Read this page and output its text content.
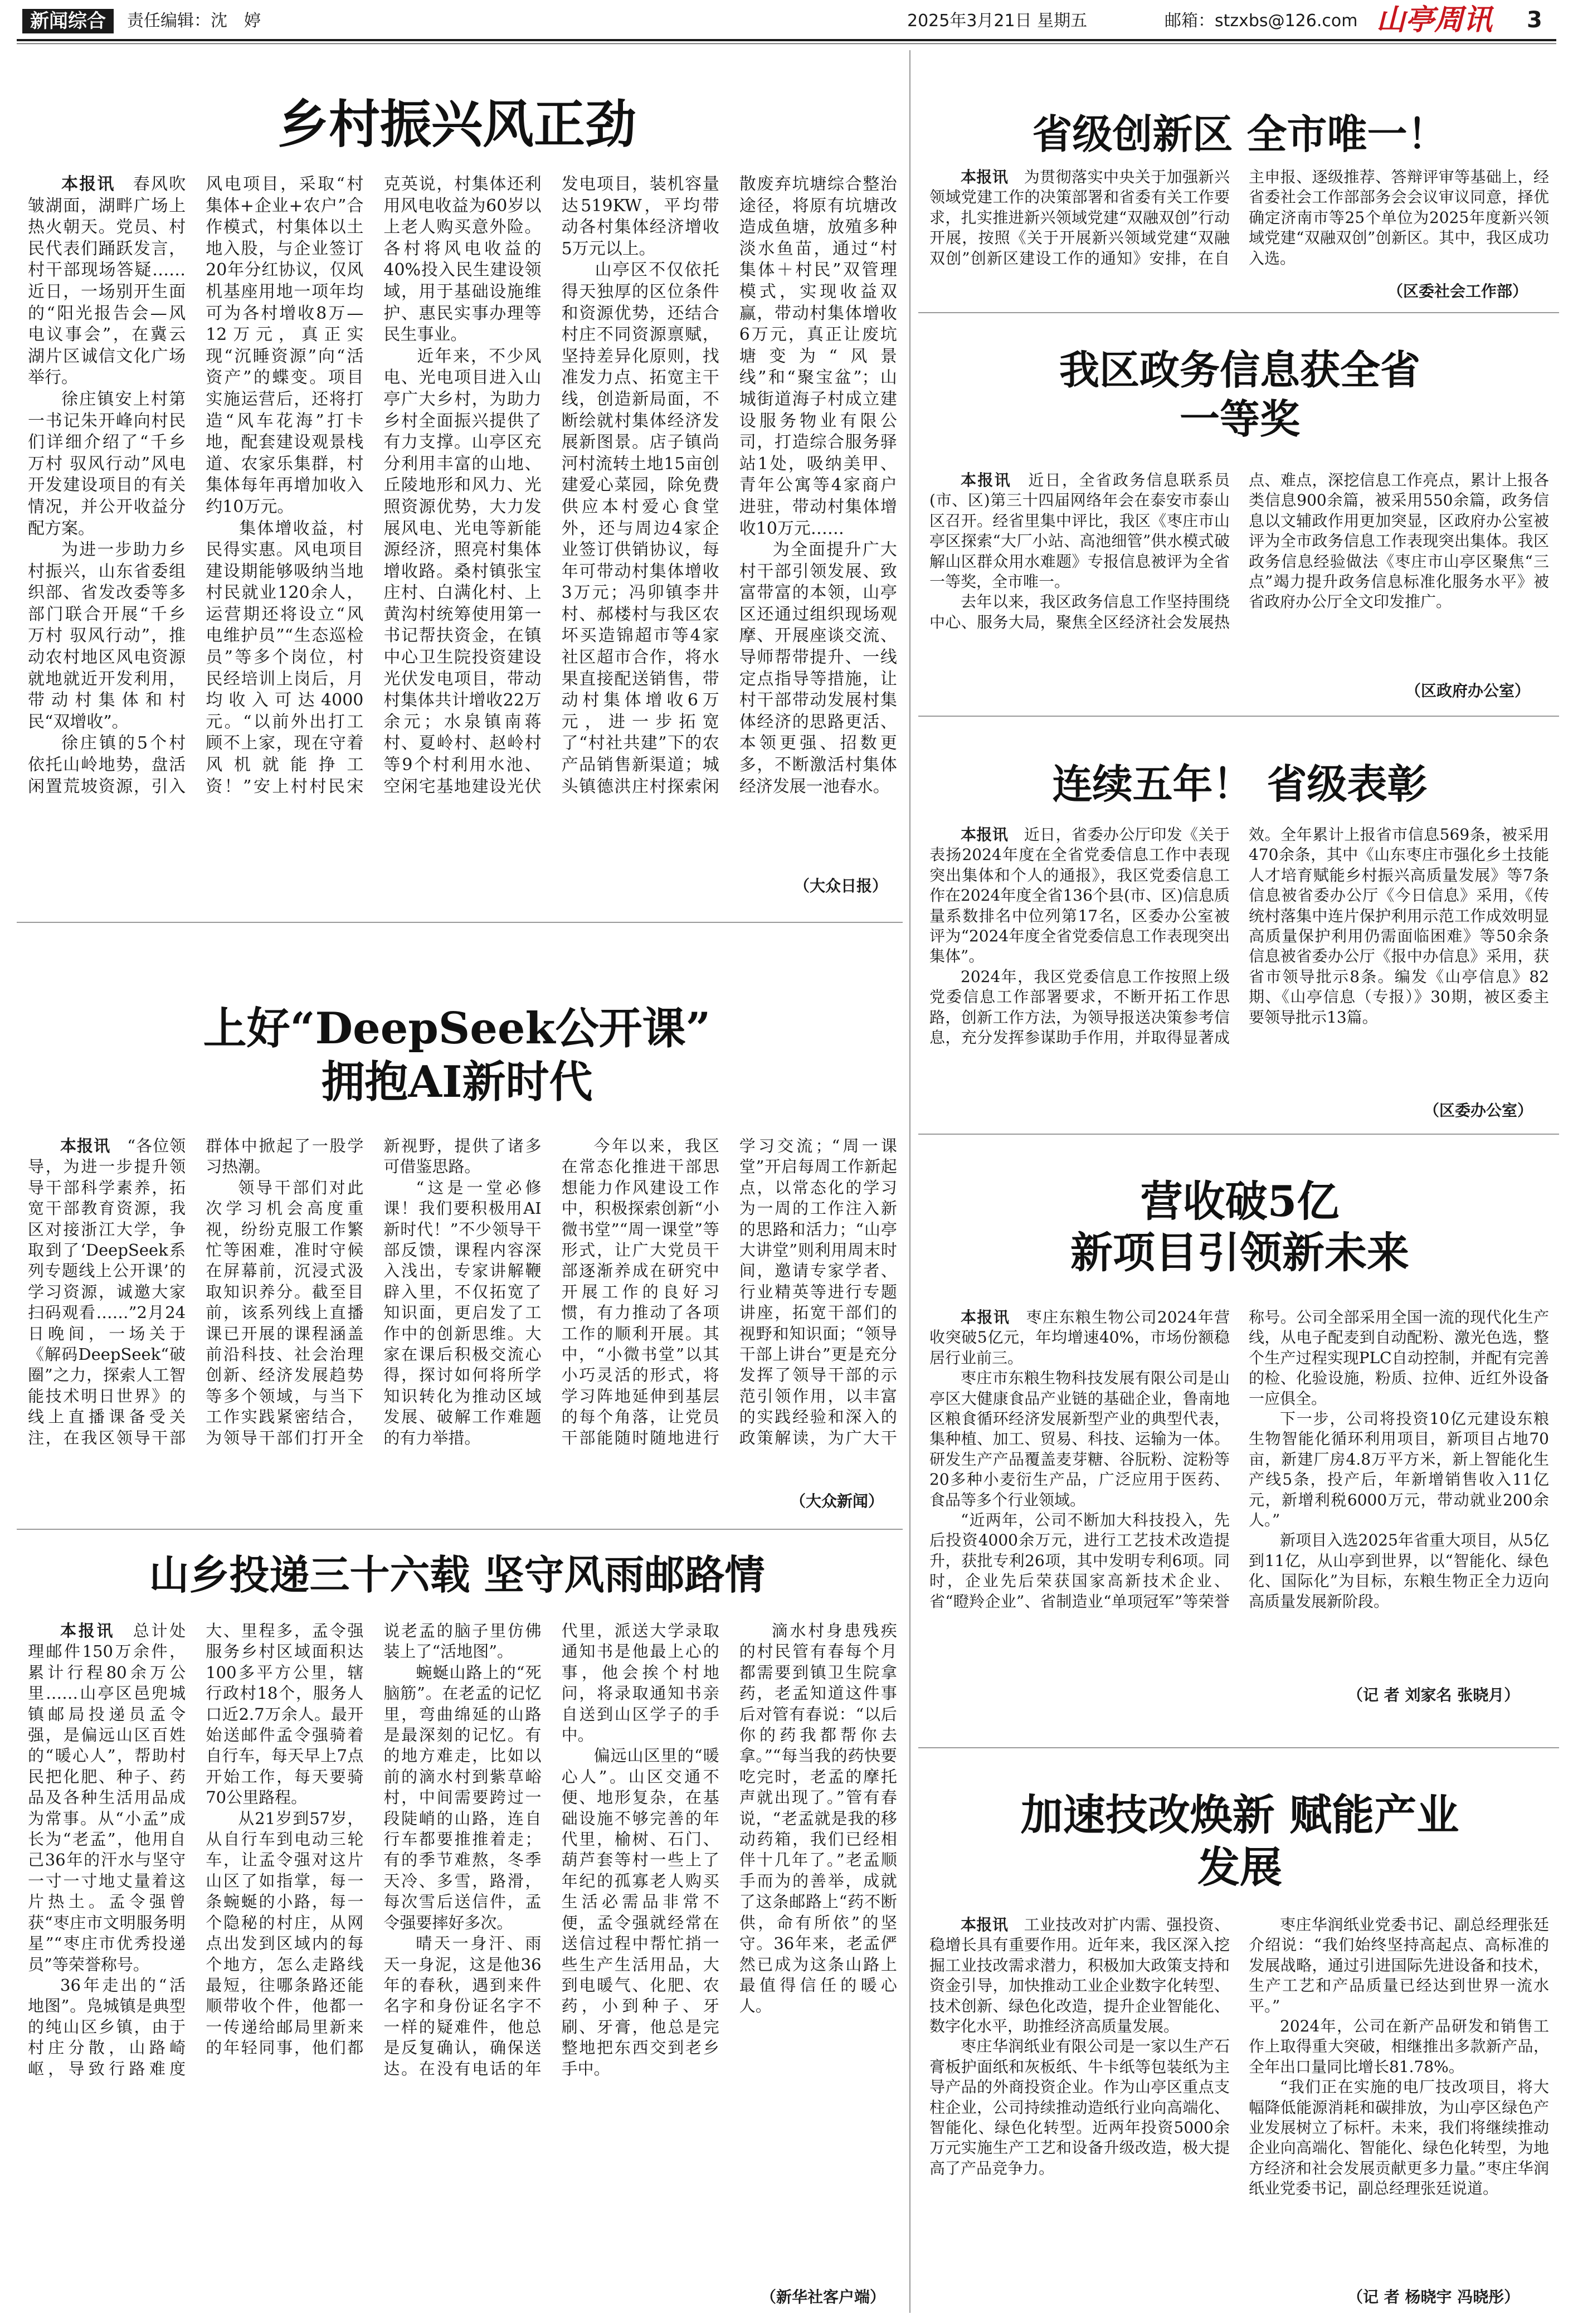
新闻综合	责任编辑：沈　婷	2025年3月21日 星期五	邮箱：stzxbs@126.com 山亭周讯 3
乡村振兴风正劲

本报讯　 春风吹皱湖面，湖畔广场上热火朝天。党员、村民代表们踊跃发言，村干部现场答疑……近日，一场别开生面的“阳光报告会—风电议事会”，在冀云湖片区诚信文化广场举行。

徐庄镇安上村第一书记朱开峰向村民们详细介绍了“千乡万村 驭风行动”风电开发建设项目的有关情况，并公开收益分配方案。

为进一步助力乡村振兴，山东省委组织部、省发改委等多部门联合开展“千乡万村 驭风行动”，推动农村地区风电资源就地就近开发利用，带动村集体和村民“双增收”。

徐庄镇的5个村依托山岭地势，盘活闲置荒坡资源，引入风电项目，采取“村集体+企业+农户”合作模式，村集体以土地入股，与企业签订20年分红协议，仅风机基座用地一项年均可为各村增收8万—12万元，真正实现“沉睡资源”向“活资产”的蝶变。项目实施运营后，还将打造“风车花海”打卡地，配套建设观景栈道、农家乐集群，村集体每年再增加收入约10万元。

集体增收益，村民得实惠。风电项目建设期能够吸纳当地村民就业120余人，运营期还将设立“风电维护员”“生态巡检员”等多个岗位，村民经培训上岗后，月均收入可达4000元。“以前外出打工顾不上家，现在守着风机就能挣工资！”安上村村民宋克英说，村集体还利用风电收益为60岁以上老人购买意外险。各村将风电收益的40%投入民生建设领域，用于基础设施维护、惠民实事办理等民生事业。

近年来，不少风电、光电项目进入山亭广大乡村，为助力乡村全面振兴提供了有力支撑。山亭区充分利用丰富的山地、丘陵地形和风力、光照资源优势，大力发展风电、光电等新能源经济，照亮村集体增收路。桑村镇张宝庄村、白满化村、上黄沟村统筹使用第一书记帮扶资金，在镇中心卫生院投资建设光伏发电项目，带动村集体共计增收22万余元；水泉镇南蒋村、夏岭村、赵岭村等9个村利用水池、空闲宅基地建设光伏发电项目，装机容量达519KW，平均带动各村集体经济增收5万元以上。

山亭区不仅依托得天独厚的区位条件和资源优势，还结合村庄不同资源禀赋，坚持差异化原则，找准发力点、拓宽主干线，创造新局面，不断绘就村集体经济发展新图景。店子镇尚河村流转土地15亩创建爱心菜园，除免费供应本村爱心食堂外，还与周边4家企业签订供销协议，每年可带动村集体增收3万元；冯卯镇李井村、郝楼村与我区农坏买造锦超市等4家社区超市合作，将水果直接配送销售，带动村集体增收6万元，进一步拓宽了“村社共建”下的农产品销售新渠道；城头镇德洪庄村探索闲散废弃坑塘综合整治途径，将原有坑塘改造成鱼塘，放殖多种淡水鱼苗，通过“村集体＋村民”双管理模式，实现收益双赢，带动村集体增收6万元，真正让废坑塘变为“风景线”和“聚宝盆”；山城街道海子村成立建设服务物业有限公司，打造综合服务驿站1处，吸纳美甲、青年公寓等4家商户进驻，带动村集体增收10万元……

为全面提升广大村干部引领发展、致富带富的本领，山亭区还通过组织现场观摩、开展座谈交流、导师帮带提升、一线定点指导等措施，让村干部带动发展村集体经济的思路更活、本领更强、招数更多，不断激活村集体经济发展一池春水。

（大众日报）
上好“DeepSeek公开课”
拥抱AI新时代

本报讯　 “各位领导，为进一步提升领导干部科学素养，拓宽干部教育资源，我区对接浙江大学，争取到了‘DeepSeek系列专题线上公开课’的学习资源，诚邀大家扫码观看……”2月24日晚间，一场关于《解码DeepSeek“破圈”之力，探索人工智能技术明日世界》的线上直播课备受关注，在我区领导干部群体中掀起了一股学习热潮。

领导干部们对此次学习机会高度重视，纷纷克服工作繁忙等困难，准时守候在屏幕前，沉浸式汲取知识养分。截至目前，该系列线上直播课已开展的课程涵盖前沿科技、社会治理创新、经济发展趋势等多个领域，与当下工作实践紧密结合，为领导干部们打开全新视野，提供了诸多可借鉴思路。

“这是一堂必修课！我们要积极用AI新时代！”不少领导干部反馈，课程内容深入浅出，专家讲解鞭辟入里，不仅拓宽了知识面，更启发了工作中的创新思维。大家在课后积极交流心得，探讨如何将所学知识转化为推动区域发展、破解工作难题的有力举措。

今年以来，我区在常态化推进干部思想能力作风建设工作中，积极探索创新“小微书堂”“周一课堂”等形式，让广大党员干部逐渐养成在研究中开展工作的良好习惯，有力推动了各项工作的顺利开展。其中，“小微书堂”以其小巧灵活的形式，将学习阵地延伸到基层的每个角落，让党员干部能随时随地进行学习交流；“周一课堂”开启每周工作新起点，以常态化的学习为一周的工作注入新的思路和活力；“山亭大讲堂”则利用周末时间，邀请专家学者、行业精英等进行专题讲座，拓宽干部们的视野和知识面；“领导干部上讲台”更是充分发挥了领导干部的示范引领作用，以丰富的实践经验和深入的政策解读，为广大干

（大众新闻）
山乡投递三十六载 坚守风雨邮路情

本报讯　 总计处理邮件150万余件，累计行程80余万公里……山亭区邑兜城镇邮局投递员孟令强，是偏远山区百姓的“暖心人”，帮助村民把化肥、种子、药品及各种生活用品成为常事。从“小孟”成长为“老孟”，他用自己36年的汗水与坚守一寸一寸地丈量着这片热土。孟令强曾获“枣庄市文明服务明星”“枣庄市优秀投递员”等荣誉称号。

36年走出的“活地图”。凫城镇是典型的纯山区乡镇，由于村庄分散，山路崎岖，导致行路难度大、里程多，孟令强服务乡村区域面积达100多平方公里，辖行政村18个，服务人口近2.7万余人。最开始送邮件孟令强骑着自行车，每天早上7点开始工作，每天要骑70公里路程。

从21岁到57岁，从自行车到电动三轮车，让孟令强对这片山区了如指掌，每一条蜿蜒的小路，每一个隐秘的村庄，从网点出发到区域内的每个地方，怎么走路线最短，往哪条路还能顺带收个件，他都一一传递给邮局里新来的年轻同事，他们都说老孟的脑子里仿佛装上了“活地图”。

蜿蜒山路上的“死脑筋”。在老孟的记忆里，弯曲绵延的山路是最深刻的记忆。有的地方难走，比如以前的滴水村到紫草峪村，中间需要跨过一段陡峭的山路，连自行车都要推推着走；有的季节难熬，冬季天冷、多雪，路滑，每次雪后送信件，孟令强要摔好多次。

晴天一身汗、雨天一身泥，这是他36年的春秋，遇到来件名字和身份证名字不一样的疑难件，他总是反复确认，确保送达。在没有电话的年代里，派送大学录取通知书是他最上心的事，他会挨个村地问，将录取通知书亲自送到山区学子的手中。

偏远山区里的“暖心人”。山区交通不便、地形复杂，在基础设施不够完善的年代里，榆树、石门、葫芦套等村一些上了年纪的孤寡老人购买生活必需品非常不便，孟令强就经常在送信过程中帮忙捎一些生产生活用品，大到电暖气、化肥、农药，小到种子、牙刷、牙膏，他总是完整地把东西交到老乡手中。

滴水村身患残疾的村民管有春每个月都需要到镇卫生院拿药，老孟知道这件事后对管有春说：“以后你的药我都帮你去拿。”“每当我的药快要吃完时，老孟的摩托声就出现了。”管有春说，“老孟就是我的移动药箱，我们已经相伴十几年了。”老孟顺手而为的善举，成就了这条邮路上“药不断供，命有所依”的坚守。36年来，老孟俨然已成为这条山路上最值得信任的暖心人。

（新华社客户端）
省级创新区 全市唯一！

本报讯　 为贯彻落实中央关于加强新兴领域党建工作的决策部署和省委有关工作要求，扎实推进新兴领域党建“双融双创”行动开展，按照《关于开展新兴领域党建“双融双创”创新区建设工作的通知》安排，在自主申报、逐级推荐、答辩评审等基础上，经省委社会工作部部务会会议审议同意，择优确定济南市等25个单位为2025年度新兴领域党建“双融双创”创新区。其中，我区成功入选。

（区委社会工作部）
我区政务信息获全省
一等奖

本报讯　 近日，全省政务信息联系员(市、区)第三十四届网络年会在泰安市泰山区召开。经省里集中评比，我区《枣庄市山亭区探索“大厂小站、高池细管”供水模式破解山区群众用水难题》专报信息被评为全省一等奖，全市唯一。

去年以来，我区政务信息工作坚持围绕中心、服务大局，聚焦全区经济社会发展热点、难点，深挖信息工作亮点，累计上报各类信息900余篇，被采用550余篇，政务信息以文辅政作用更加突显，区政府办公室被评为全市政务信息工作表现突出集体。我区政务信息经验做法《枣庄市山亭区聚焦“三点”竭力提升政务信息标准化服务水平》被省政府办公厅全文印发推广。

（区政府办公室）
连续五年！ 省级表彰

本报讯　 近日，省委办公厅印发《关于表扬2024年度在全省党委信息工作中表现突出集体和个人的通报》，我区党委信息工作在2024年度全省136个县(市、区)信息质量系数排名中位列第17名，区委办公室被评为“2024年度全省党委信息工作表现突出集体”。

2024年，我区党委信息工作按照上级党委信息工作部署要求，不断开拓工作思路，创新工作方法，为领导报送决策参考信息，充分发挥参谋助手作用，并取得显著成效。全年累计上报省市信息569条，被采用470余条，其中《山东枣庄市强化乡土技能人才培育赋能乡村振兴高质量发展》等7条信息被省委办公厅《今日信息》采用，《传统村落集中连片保护利用示范工作成效明显高质量保护利用仍需面临困难》等50余条信息被省委办公厅《报中办信息》采用，获省市领导批示8条。编发《山亭信息》82期、《山亭信息（专报）》30期，被区委主要领导批示13篇。

（区委办公室）
营收破5亿
新项目引领新未来

本报讯　 枣庄东粮生物公司2024年营收突破5亿元，年均增速40%，市场份额稳居行业前三。

枣庄市东粮生物科技发展有限公司是山亭区大健康食品产业链的基础企业，鲁南地区粮食循环经济发展新型产业的典型代表，集种植、加工、贸易、科技、运输为一体。研发生产产品覆盖麦芽糖、谷朊粉、淀粉等20多种小麦衍生产品，广泛应用于医药、食品等多个行业领域。

“近两年，公司不断加大科技投入，先后投资4000余万元，进行工艺技术改造提升，获批专利26项，其中发明专利6项。同时，企业先后荣获国家高新技术企业、省“瞪羚企业”、省制造业“单项冠军”等荣誉称号。公司全部采用全国一流的现代化生产线，从电子配麦到自动配粉、激光色选，整个生产过程实现PLC自动控制，并配有完善的检、化验设施，粉质、拉伸、近红外设备一应俱全。

下一步，公司将投资10亿元建设东粮生物智能化循环利用项目，新项目占地70亩，新建厂房4.8万平方米，新上智能化生产线5条，投产后，年新增销售收入11亿元，新增利税6000万元，带动就业200余人。”

新项目入选2025年省重大项目，从5亿到11亿，从山亭到世界，以“智能化、绿色化、国际化”为目标，东粮生物正全力迈向高质量发展新阶段。

（记 者 刘家名 张晓月）
加速技改焕新 赋能产业
发展

本报讯　 工业技改对扩内需、强投资、稳增长具有重要作用。近年来，我区深入挖掘工业技改需求潜力，积极加大政策支持和资金引导，加快推动工业企业数字化转型、技术创新、绿色化改造，提升企业智能化、数字化水平，助推经济高质量发展。

枣庄华润纸业有限公司是一家以生产石膏板护面纸和灰板纸、牛卡纸等包装纸为主导产品的外商投资企业。作为山亭区重点支柱企业，公司持续推动造纸行业向高端化、智能化、绿色化转型。近两年投资5000余万元实施生产工艺和设备升级改造，极大提高了产品竞争力。

枣庄华润纸业党委书记、副总经理张廷介绍说：“我们始终坚持高起点、高标准的发展战略，通过引进国际先进设备和技术，生产工艺和产品质量已经达到世界一流水平。”

2024年，公司在新产品研发和销售工作上取得重大突破，相继推出多款新产品，全年出口量同比增长81.78%。

“我们正在实施的电厂技改项目，将大幅降低能源消耗和碳排放，为山亭区绿色产业发展树立了标杆。未来，我们将继续推动企业向高端化、智能化、绿色化转型，为地方经济和社会发展贡献更多力量。”枣庄华润纸业党委书记，副总经理张廷说道。

（记 者 杨晓宇 冯晓彤）
